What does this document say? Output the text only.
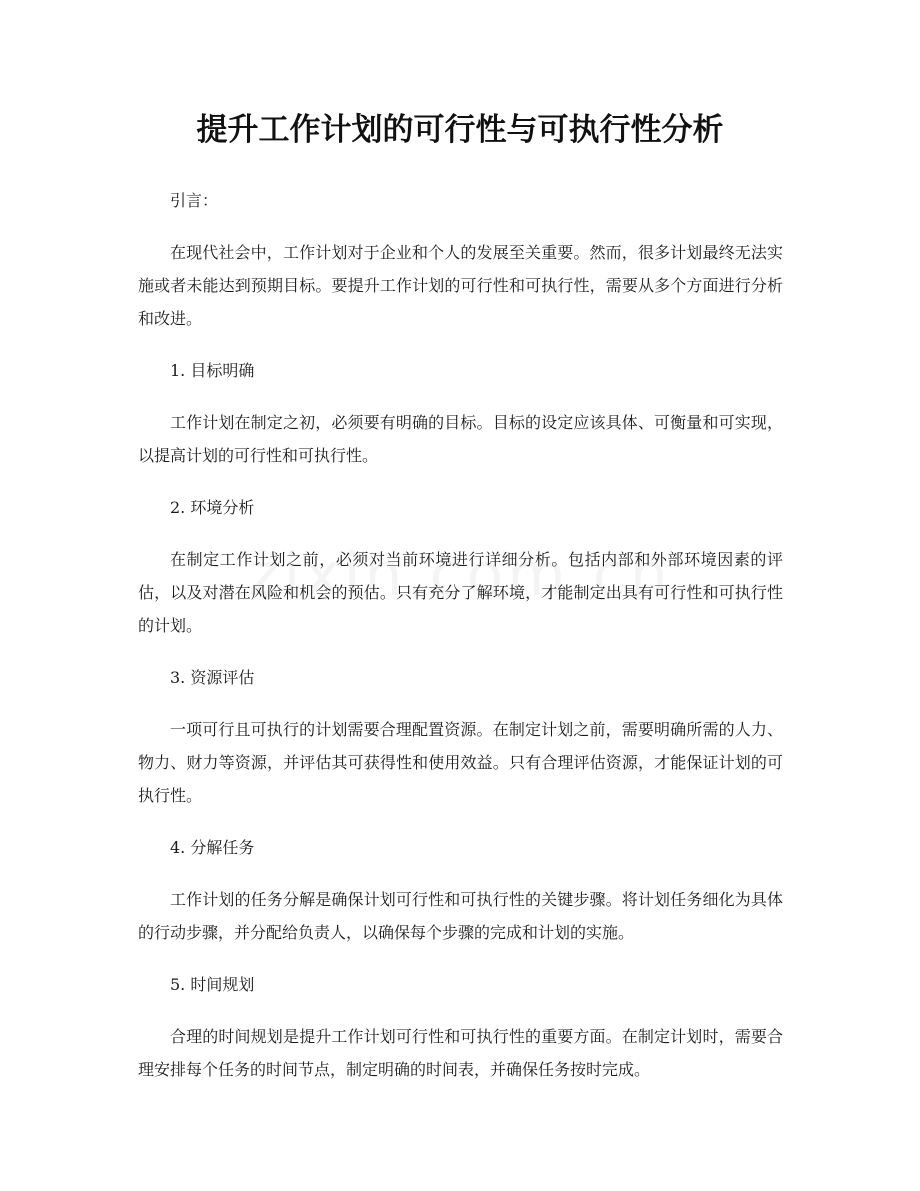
提升工作计划的可行性与可执行性分析

引言：

在现代社会中，工作计划对于企业和个人的发展至关重要。然而，很多计划最终无法实施或者未能达到预期目标。要提升工作计划的可行性和可执行性，需要从多个方面进行分析和改进。

1. 目标明确

工作计划在制定之初，必须要有明确的目标。目标的设定应该具体、可衡量和可实现，以提高计划的可行性和可执行性。

2. 环境分析

在制定工作计划之前，必须对当前环境进行详细分析。包括内部和外部环境因素的评估，以及对潜在风险和机会的预估。只有充分了解环境，才能制定出具有可行性和可执行性的计划。

3. 资源评估

一项可行且可执行的计划需要合理配置资源。在制定计划之前，需要明确所需的人力、物力、财力等资源，并评估其可获得性和使用效益。只有合理评估资源，才能保证计划的可执行性。

4. 分解任务

工作计划的任务分解是确保计划可行性和可执行性的关键步骤。将计划任务细化为具体的行动步骤，并分配给负责人，以确保每个步骤的完成和计划的实施。

5. 时间规划

合理的时间规划是提升工作计划可行性和可执行性的重要方面。在制定计划时，需要合理安排每个任务的时间节点，制定明确的时间表，并确保任务按时完成。
